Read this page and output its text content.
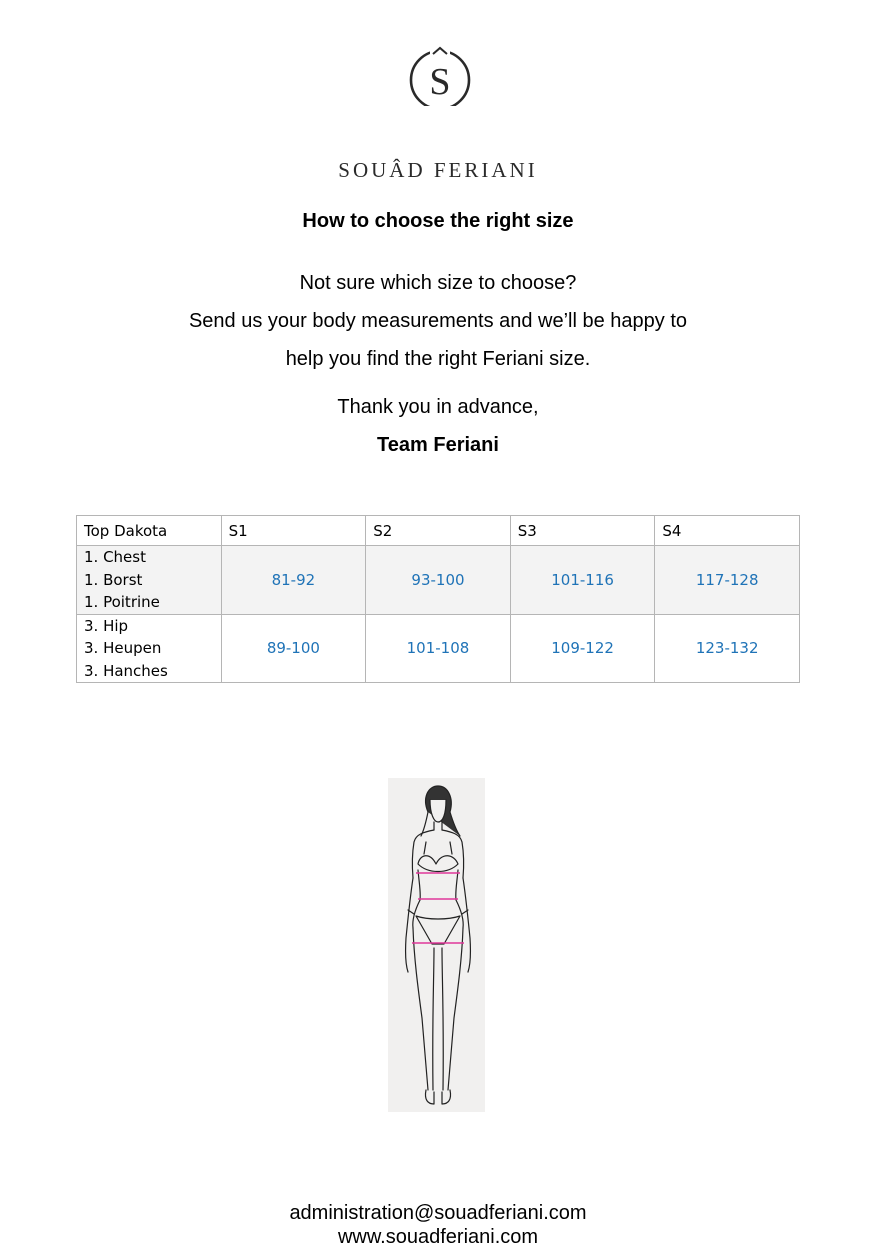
S
SOUÂD FERIANI
How to choose the right size
Not sure which size to choose?
Send us your body measurements and we’ll be happy to
help you find the right Feriani size.
Thank you in advance,
Team Feriani
Top Dakota	S1	S2	S3	S4

1. Chest
1. Borst
1. Poitrine	81-92	93-100	101-116	117-128

3. Hip
3. Heupen
3. Hanches	89-100	101-108	109-122	123-132
administration@souadferiani.com
www.souadferiani.com
